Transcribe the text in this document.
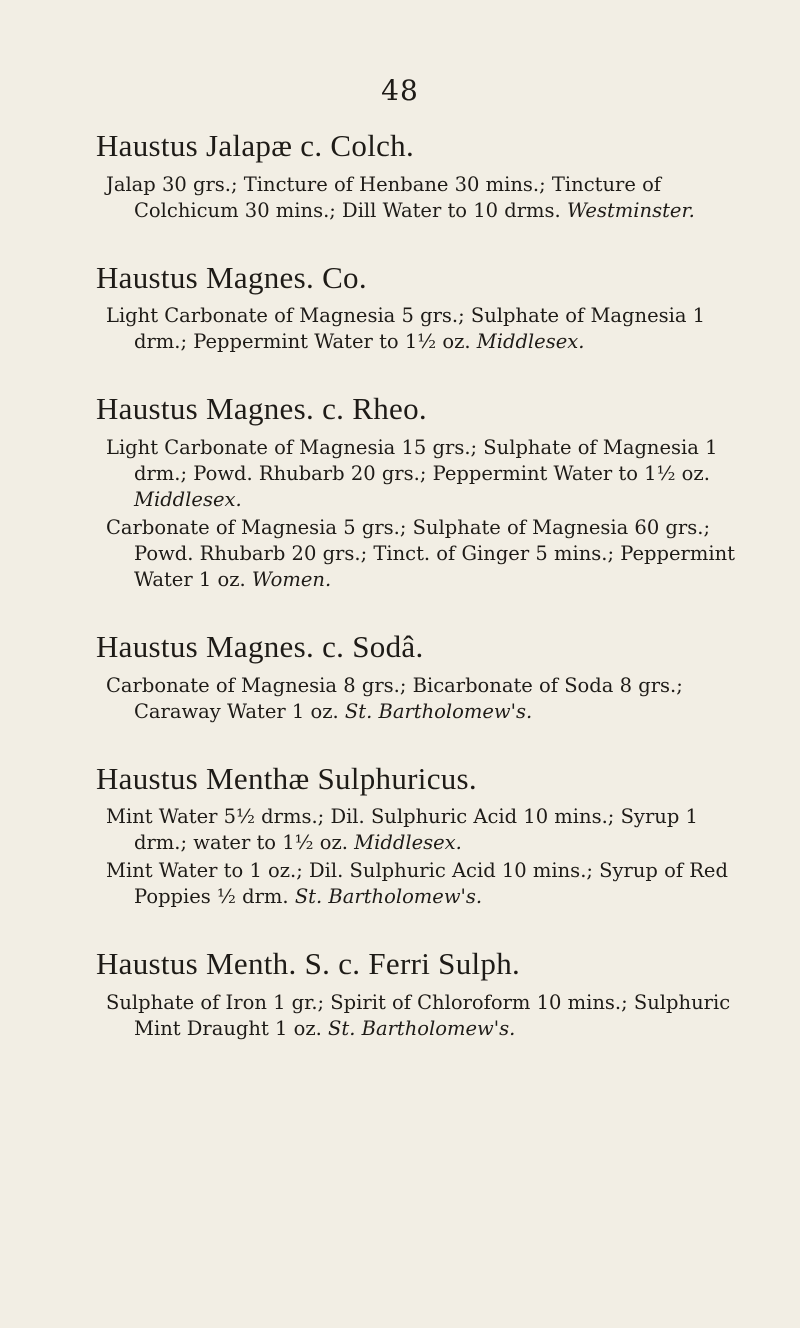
48
Haustus Jalapæ c. Colch.

Jalap 30 grs.; Tincture of Henbane 30 mins.; Tincture of Colchicum 30 mins.; Dill Water to 10 drms. Westminster.

Haustus Magnes. Co.

Light Carbonate of Magnesia 5 grs.; Sulphate of Magnesia 1 drm.; Peppermint Water to 1½ oz. Middlesex.

Haustus Magnes. c. Rheo.

Light Carbonate of Magnesia 15 grs.; Sulphate of Magnesia 1 drm.; Powd. Rhubarb 20 grs.; Peppermint Water to 1½ oz. Middlesex.

Carbonate of Magnesia 5 grs.; Sulphate of Magnesia 60 grs.; Powd. Rhubarb 20 grs.; Tinct. of Ginger 5 mins.; Peppermint Water 1 oz. Women.

Haustus Magnes. c. Sodâ.

Carbonate of Magnesia 8 grs.; Bicarbonate of Soda 8 grs.; Caraway Water 1 oz. St. Bartholomew's.

Haustus Menthæ Sulphuricus.

Mint Water 5½ drms.; Dil. Sulphuric Acid 10 mins.; Syrup 1 drm.; water to 1½ oz. Middlesex.

Mint Water to 1 oz.; Dil. Sulphuric Acid 10 mins.; Syrup of Red Poppies ½ drm. St. Bartholomew's.

Haustus Menth. S. c. Ferri Sulph.

Sulphate of Iron 1 gr.; Spirit of Chloroform 10 mins.; Sulphuric Mint Draught 1 oz. St. Bartholomew's.
